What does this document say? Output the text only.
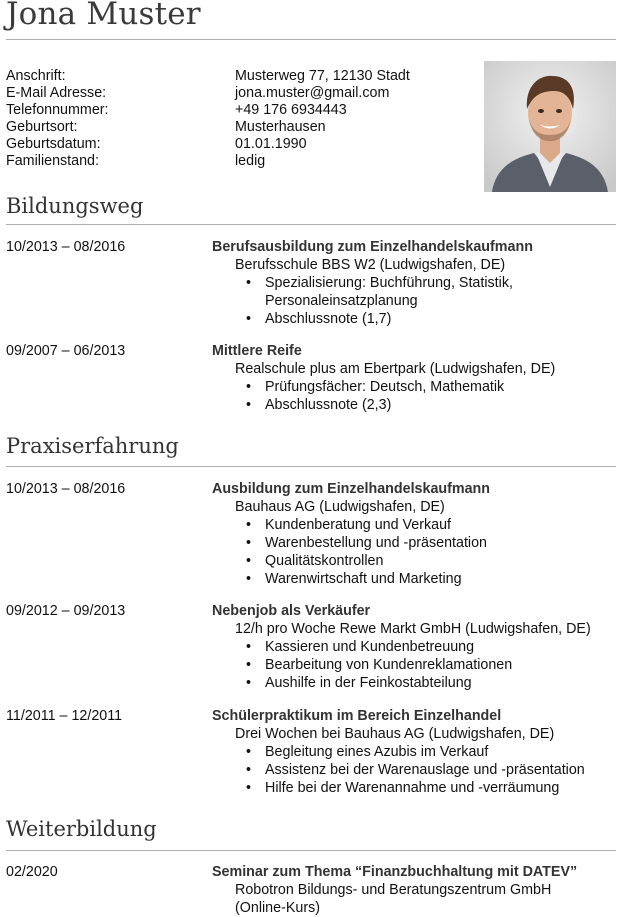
Jona Muster
Anschrift:	Musterweg 77, 12130 Stadt
E-Mail Adresse:	jona.muster@gmail.com
Telefonnummer:	+49 176 6934443
Geburtsort:	Musterhausen
Geburtsdatum:	01.01.1990
Familienstand:	ledig
Bildungsweg
10/2013 – 08/2016	Berufsausbildung zum Einzelhandelskaufmann
Berufsschule BBS W2 (Ludwigshafen, DE)
• Spezialisierung: Buchführung, Statistik, Personaleinsatzplanung
• Abschlussnote (1,7)
09/2007 – 06/2013	Mittlere Reife
Realschule plus am Ebertpark (Ludwigshafen, DE)
• Prüfungsfächer: Deutsch, Mathematik
• Abschlussnote (2,3)
Praxiserfahrung
10/2013 – 08/2016	Ausbildung zum Einzelhandelskaufmann
Bauhaus AG (Ludwigshafen, DE)
• Kundenberatung und Verkauf
• Warenbestellung und -präsentation
• Qualitätskontrollen
• Warenwirtschaft und Marketing
09/2012 – 09/2013	Nebenjob als Verkäufer
12/h pro Woche Rewe Markt GmbH (Ludwigshafen, DE)
• Kassieren und Kundenbetreuung
• Bearbeitung von Kundenreklamationen
• Aushilfe in der Feinkostabteilung
11/2011 – 12/2011	Schülerpraktikum im Bereich Einzelhandel
Drei Wochen bei Bauhaus AG (Ludwigshafen, DE)
• Begleitung eines Azubis im Verkauf
• Assistenz bei der Warenauslage und -präsentation
• Hilfe bei der Warenannahme und -verräumung
Weiterbildung
02/2020	Seminar zum Thema “Finanzbuchhaltung mit DATEV”
Robotron Bildungs- und Beratungszentrum GmbH
(Online-Kurs)
